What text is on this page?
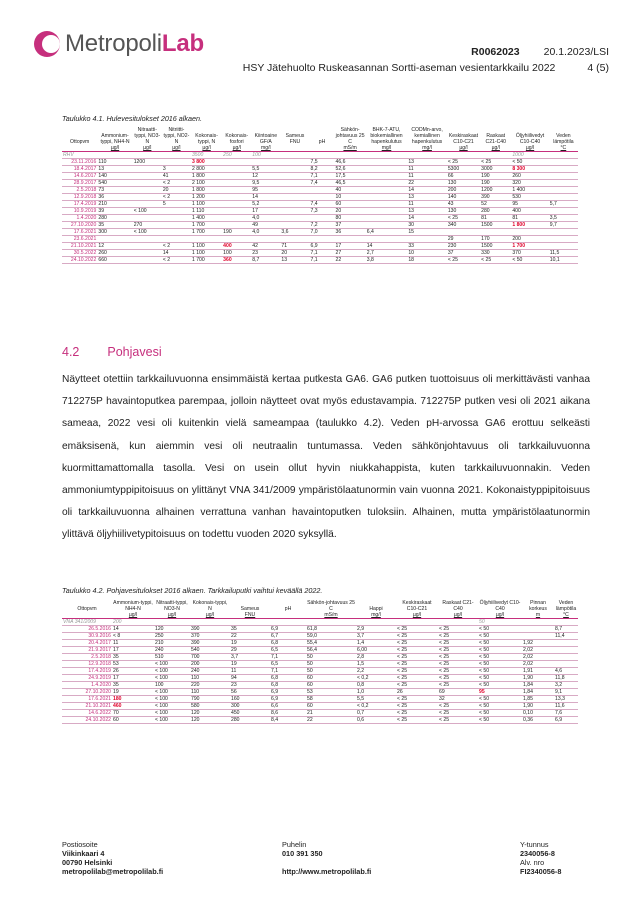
MetropoliLab	R0062023 20.1.2023/LSI
HSY Jätehuolto Ruskeasannan Sortti-aseman vesientarkkailu 2022	4 (5)
Taulukko 4.1. Hulevesitulokset 2016 alkaen.
Ottopvm	Ammonium-typpi, NH4-N	Nitraatti-typpi, NO3-N	Nitriitti-typpi, NO2-N	Kokonais-typpi, N	Kokonais-fosfori	Kiintoaine GF/A	Sameus FNU	pH	Sähkön-johtavuus 25 C	BHK-7-ATU, biokemiallinen hapenkulutus	CODMn-arvo, kemiallinen hapenkulutus	Keskiraskaat C10-C21	Raskaat C21-C40	Öljyhiilivedyt C10-C40	Veden lämpötila
	µg/l	µg/l	µg/l	µg/l	µg/l	mg/l			mS/m	mg/l	mg/l	µg/l	µg/l	µg/l	°C
RHV				3500	250	100								1000	
23.11.2016	110	1200		3 800				7,5	46,6		13	< 25	< 25	< 50	
18.4.2017	13		3	2 800		5,5		8,2	52,6		11	5300	3000	8 300	
14.6.2017	140		41	1 800		12		7,1	17,5		11	66	190	260	
28.9.2017	540		< 2	2 100		9,5		7,4	46,5		22	130	190	320	
2.5.2018	73		20	1 800		95			40		14	200	1200	1 400	
12.9.2018	36		< 2	1 200		14			10		13	140	390	530	
17.4.2019	210		5	1 100		5,2		7,4	60		11	43	52	95	5,7
10.9.2019	39	< 100		1 110		17		7,3	20		13	130	280	400	
1.4.2020	280			1 400		4,0			80		14	< 25	81	81	3,5
27.10.2020	35	270		1 700		49		7,2	37		30	340	1500	1 800	9,7
17.6.2021	300	< 100		1 700	190	4,0	3,6	7,0	36	6,4	15				
23.6.2021												29	170	200	
21.10.2021	12		< 2	1 100	400	42	71	6,9	17	14	33	230	1500	1 700	
30.5.2022	260		14	1 100	100	23	20	7,1	27	2,7	10	37	330	370	11,5
24.10.2022	660		< 2	1 700	360	8,7	13	7,1	22	3,8	18	< 25	< 25	< 50	10,1
4.2 Pohjavesi

Näytteet otettiin tarkkailuvuonna ensimmäistä kertaa putkesta GA6. GA6 putken tuottoisuus oli merkittävästi vanhaa 712275P havaintoputkea parempaa, jolloin näytteet ovat myös edustavampia. 712275P putken vesi oli 2021 aikana sameaa, 2022 vesi oli kuitenkin vielä sameampaa (taulukko 4.2). Veden pH-arvossa GA6 erottuu selkeästi emäksisenä, kun aiemmin vesi oli neutraalin tuntumassa. Veden sähkönjohtavuus oli tarkkailuvuonna kuormittamattomalla tasolla. Vesi on usein ollut hyvin niukkahappista, kuten tarkkailuvuonnakin. Veden ammoniumtyppipitoisuus on ylittänyt VNA 341/2009 ympäristölaatunormin vain vuonna 2021. Kokonaistyppipitoisuus oli tarkkailuvuonna alhainen verrattuna vanhan havaintoputken tuloksiin. Alhainen, mutta ympäristölaatunormin ylittävä öljyhiilivetypitoisuus on todettu vuoden 2020 syksyllä.

Taulukko 4.2. Pohjavesitulokset 2016 alkaen. Tarkkailuputki vaihtui keväällä 2022.
Ottopvm	Ammonium-typpi, NH4-N	Nitraatti-typpi, NO3-N	Kokonais-typpi, N	Sameus	pH	Sähkön-johtavuus 25 C	Happi	Keskiraskaat C10-C21	Raskaat C21-C40	Öljyhiilivedyt C10-C40	Pinnan korkeus	Veden lämpötila
	µg/l	µg/l	µg/l	FNU		mS/m	mg/l	µg/l	µg/l	µg/l	m	°C
VNA 341/2009	200									50		
26.5.2016	14	120	390	35	6,9	61,8	2,9	< 25	< 25	< 50		8,7
30.9.2016	< 8	250	370	22	6,7	59,0	3,7	< 25	< 25	< 50		11,4
20.4.2017	11	210	390	19	6,8	55,4	1,4	< 25	< 25	< 50	1,92	
21.9.2017	17	240	540	29	6,5	56,4	6,00	< 25	< 25	< 50	2,02	
2.5.2018	35	510	700	3,7	7,1	50	2,8	< 25	< 25	< 50	2,02	
12.9.2018	53	< 100	200	19	6,5	50	1,5	< 25	< 25	< 50	2,02	
17.4.2019	26	< 100	240	11	7,1	50	2,2	< 25	< 25	< 50	1,91	4,6
24.9.2019	17	< 100	110	94	6,8	60	< 0,2	< 25	< 25	< 50	1,90	11,8
1.4.2020	35	100	220	23	6,8	60	0,8	< 25	< 25	< 50	1,84	3,2
27.10.2020	19	< 100	110	56	6,9	53	1,0	26	69	95	1,84	9,1
17.6.2021	180	< 100	790	160	6,9	58	5,5	< 25	32	< 50	1,85	13,3
21.10.2021	460	< 100	580	300	6,6	60	< 0,2	< 25	< 25	< 50	1,90	11,6
14.6.2022	70	< 100	120	450	8,6	21	0,7	< 25	< 25	< 50	0,10	7,6
24.10.2022	60	< 100	120	280	8,4	22	0,6	< 25	< 25	< 50	0,36	6,9
Postiosoite
Viikinkaari 4
00790 Helsinki
metropolilab@metropolilab.fi
Puhelin
010 391 350

http://www.metropolilab.fi
Y-tunnus
2340056-8
Alv. nro
FI2340056-8
